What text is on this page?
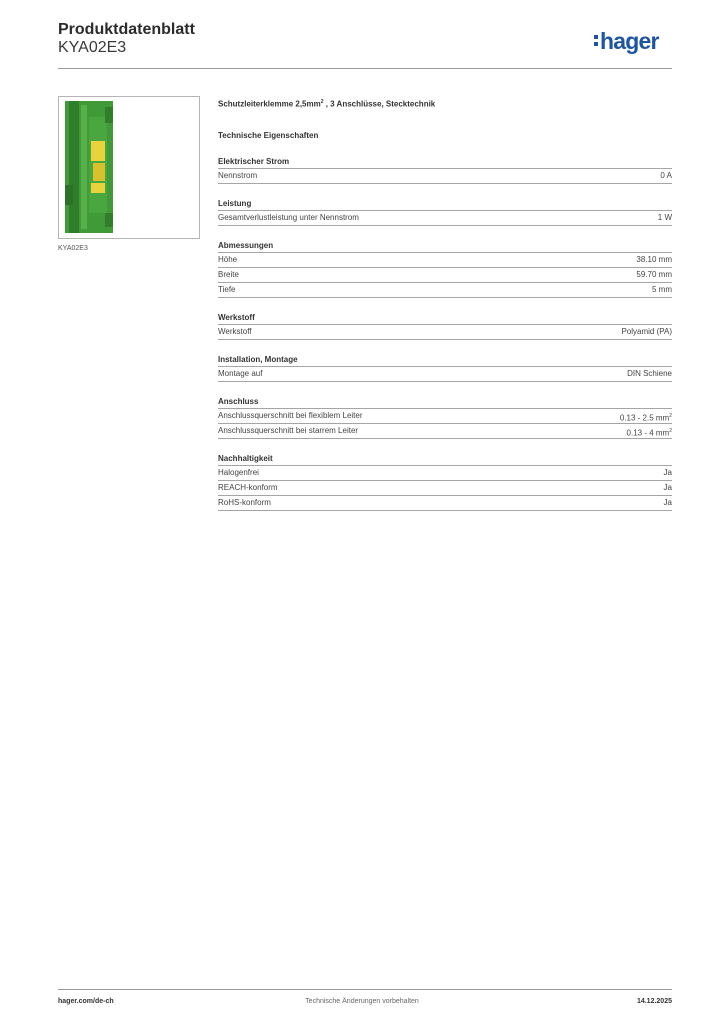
Produktdatenblatt
KYA02E3	hager
KYA02E3
Schutzleiterklemme $2,5mm^2$ , 3 Anschlüsse, Stecktechnik
Technische Eigenschaften
Elektrischer Strom
Nennstrom	0 A
Leistung
Gesamtverlustleistung unter Nennstrom	1 W
Abmessungen
Höhe	38.10 mm
Breite	59.70 mm
Tiefe	5 mm
Werkstoff
Werkstoff	Polyamid (PA)
Installation, Montage
Montage auf	DIN Schiene
Anschluss
Anschlussquerschnitt bei flexiblem Leiter	0.13 - 2.5 $mm^2$
Anschlussquerschnitt bei starrem Leiter	0.13 - 4 $mm^2$
Nachhaltigkeit
Halogenfrei	Ja
REACH-konform	Ja
RoHS-konform	Ja
hager.com/de-ch	Technische Änderungen vorbehalten	14.12.2025
